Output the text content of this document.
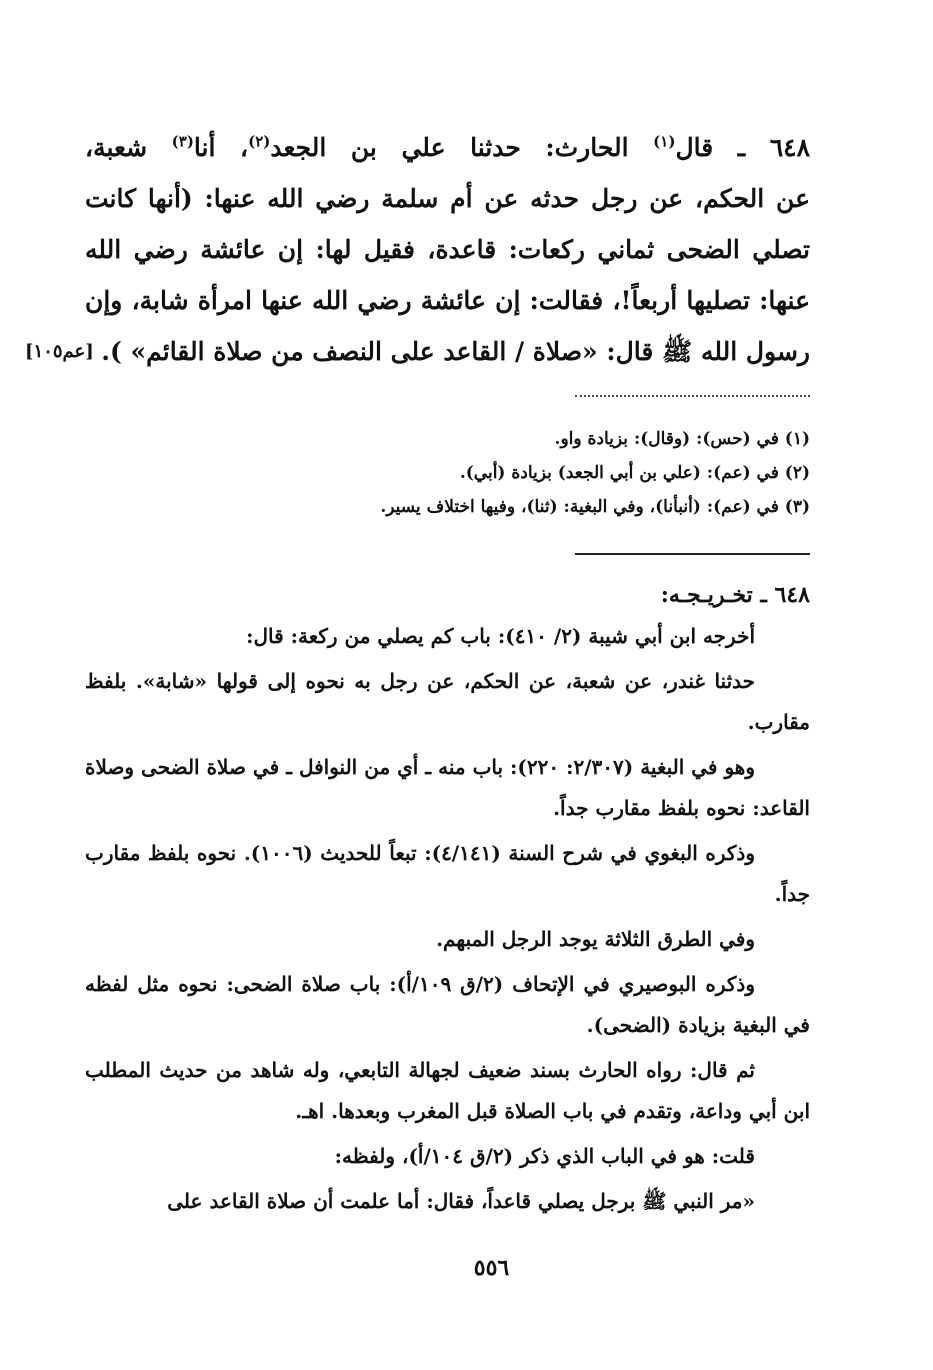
٦٤٨ ـ قال$^{(١)}$ الحارث: حدثنا علي بن الجعد$^{(٢)}$، أنا$^{(٣)}$ شعبة،
عن الحكم، عن رجل حدثه عن أم سلمة رضي الله عنها: (أنها كانت
تصلي الضحى ثماني ركعات: قاعدة، فقيل لها: إن عائشة رضي الله
عنها: تصليها أربعاً!، فقالت: إن عائشة رضي الله عنها امرأة شابة، وإن
رسول الله ﷺ قال: «صلاة / القاعد على النصف من صلاة القائم» ).
[عم١٠٥]
(١) في (حس): (وقال): بزيادة واو.
(٢) في (عم): (علي بن أبي الجعد) بزيادة (أبي).
(٣) في (عم): (أنبأنا)، وفي البغية: (ثنا)، وفيها اختلاف يسير.
٦٤٨ ـ تخـريـجـه:
أخرجه ابن أبي شيبة (٢/ ٤١٠): باب كم يصلي من ركعة: قال:
حدثنا غندر، عن شعبة، عن الحكم، عن رجل به نحوه إلى قولها «شابة». بلفظ مقارب.
وهو في البغية (٢/٣٠٧: ٢٢٠): باب منه ـ أي من النوافل ـ في صلاة الضحى وصلاة القاعد: نحوه بلفظ مقارب جداً.
وذكره البغوي في شرح السنة (٤/١٤١): تبعاً للحديث (١٠٠٦). نحوه بلفظ مقارب جداً.
وفي الطرق الثلاثة يوجد الرجل المبهم.
وذكره البوصيري في الإتحاف (٢/ق ١٠٩/أ): باب صلاة الضحى: نحوه مثل لفظه في البغية بزيادة (الضحى).
ثم قال: رواه الحارث بسند ضعيف لجهالة التابعي، وله شاهد من حديث المطلب ابن أبي وداعة، وتقدم في باب الصلاة قبل المغرب وبعدها. اهـ.
قلت: هو في الباب الذي ذكر (٢/ق ١٠٤/أ)، ولفظه:
«مر النبي ﷺ برجل يصلي قاعداً، فقال: أما علمت أن صلاة القاعد على
٥٥٦
